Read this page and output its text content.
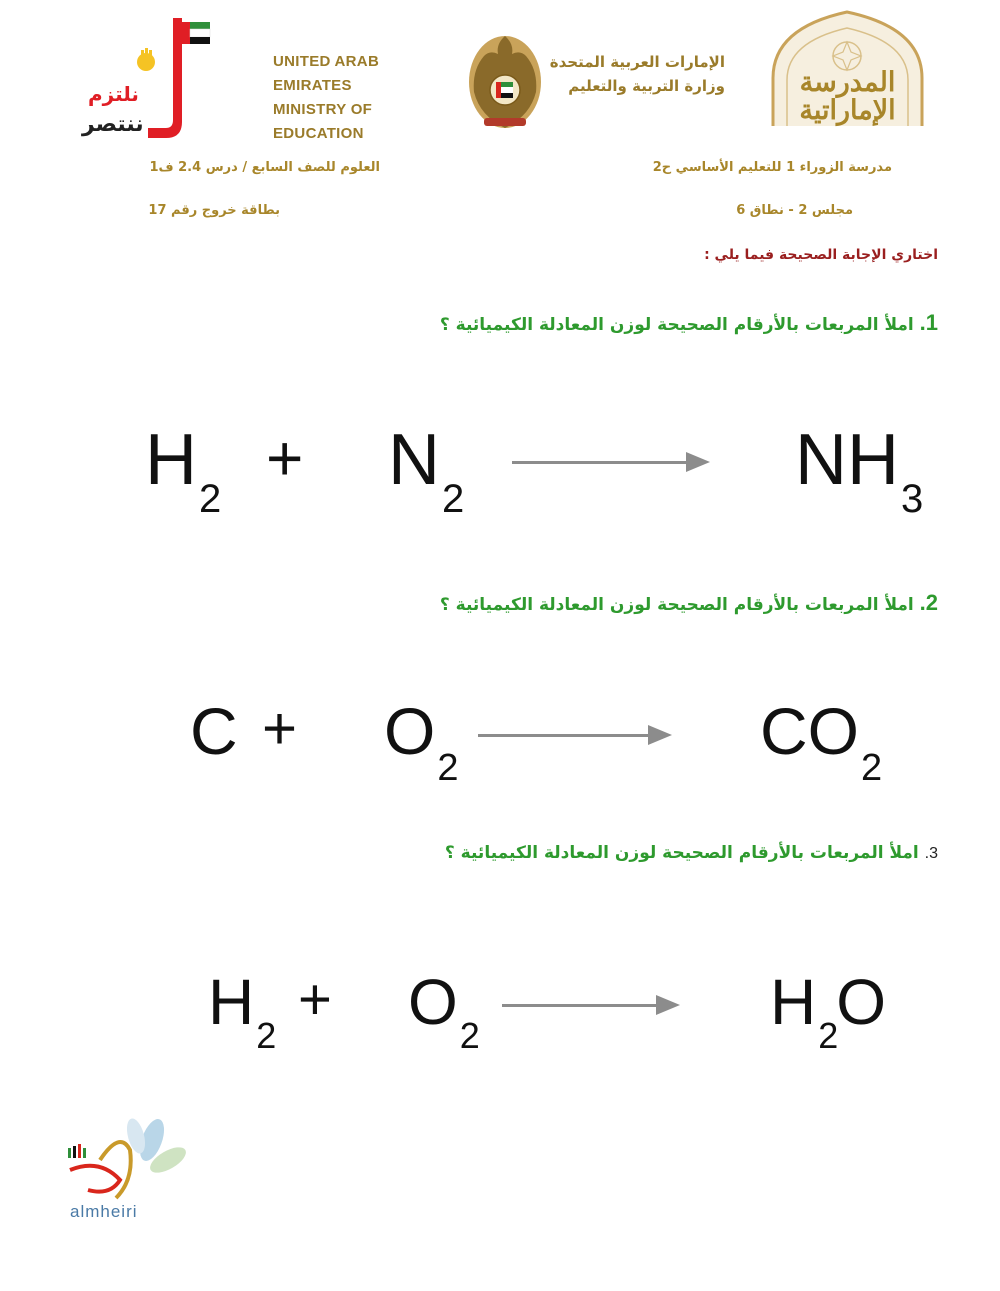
نلتزم
ننتصر
UNITED ARAB EMIRATES
MINISTRY OF EDUCATION
الإمارات العربية المتحدة
وزارة التربية والتعليم	المدرسة
الإماراتية
مدرسة الزوراء 1 للتعليم الأساسي ح2
مجلس 2 - نطاق 6
العلوم للصف السابع / درس 2.4 ف1
بطاقة خروج رقم 17
اختاري الإجابة الصحيحة فيما يلي :
1. املأ المربعات بالأرقام الصحيحة لوزن المعادلة الكيميائية ؟
$H_2$
+ $N_2$	$NH_3$
2. املأ المربعات بالأرقام الصحيحة لوزن المعادلة الكيميائية ؟
$C + O_2$	$CO_2$
3. املأ المربعات بالأرقام الصحيحة لوزن المعادلة الكيميائية ؟
$H_2$
+ $O_2$	$H_2O$
almheiri
